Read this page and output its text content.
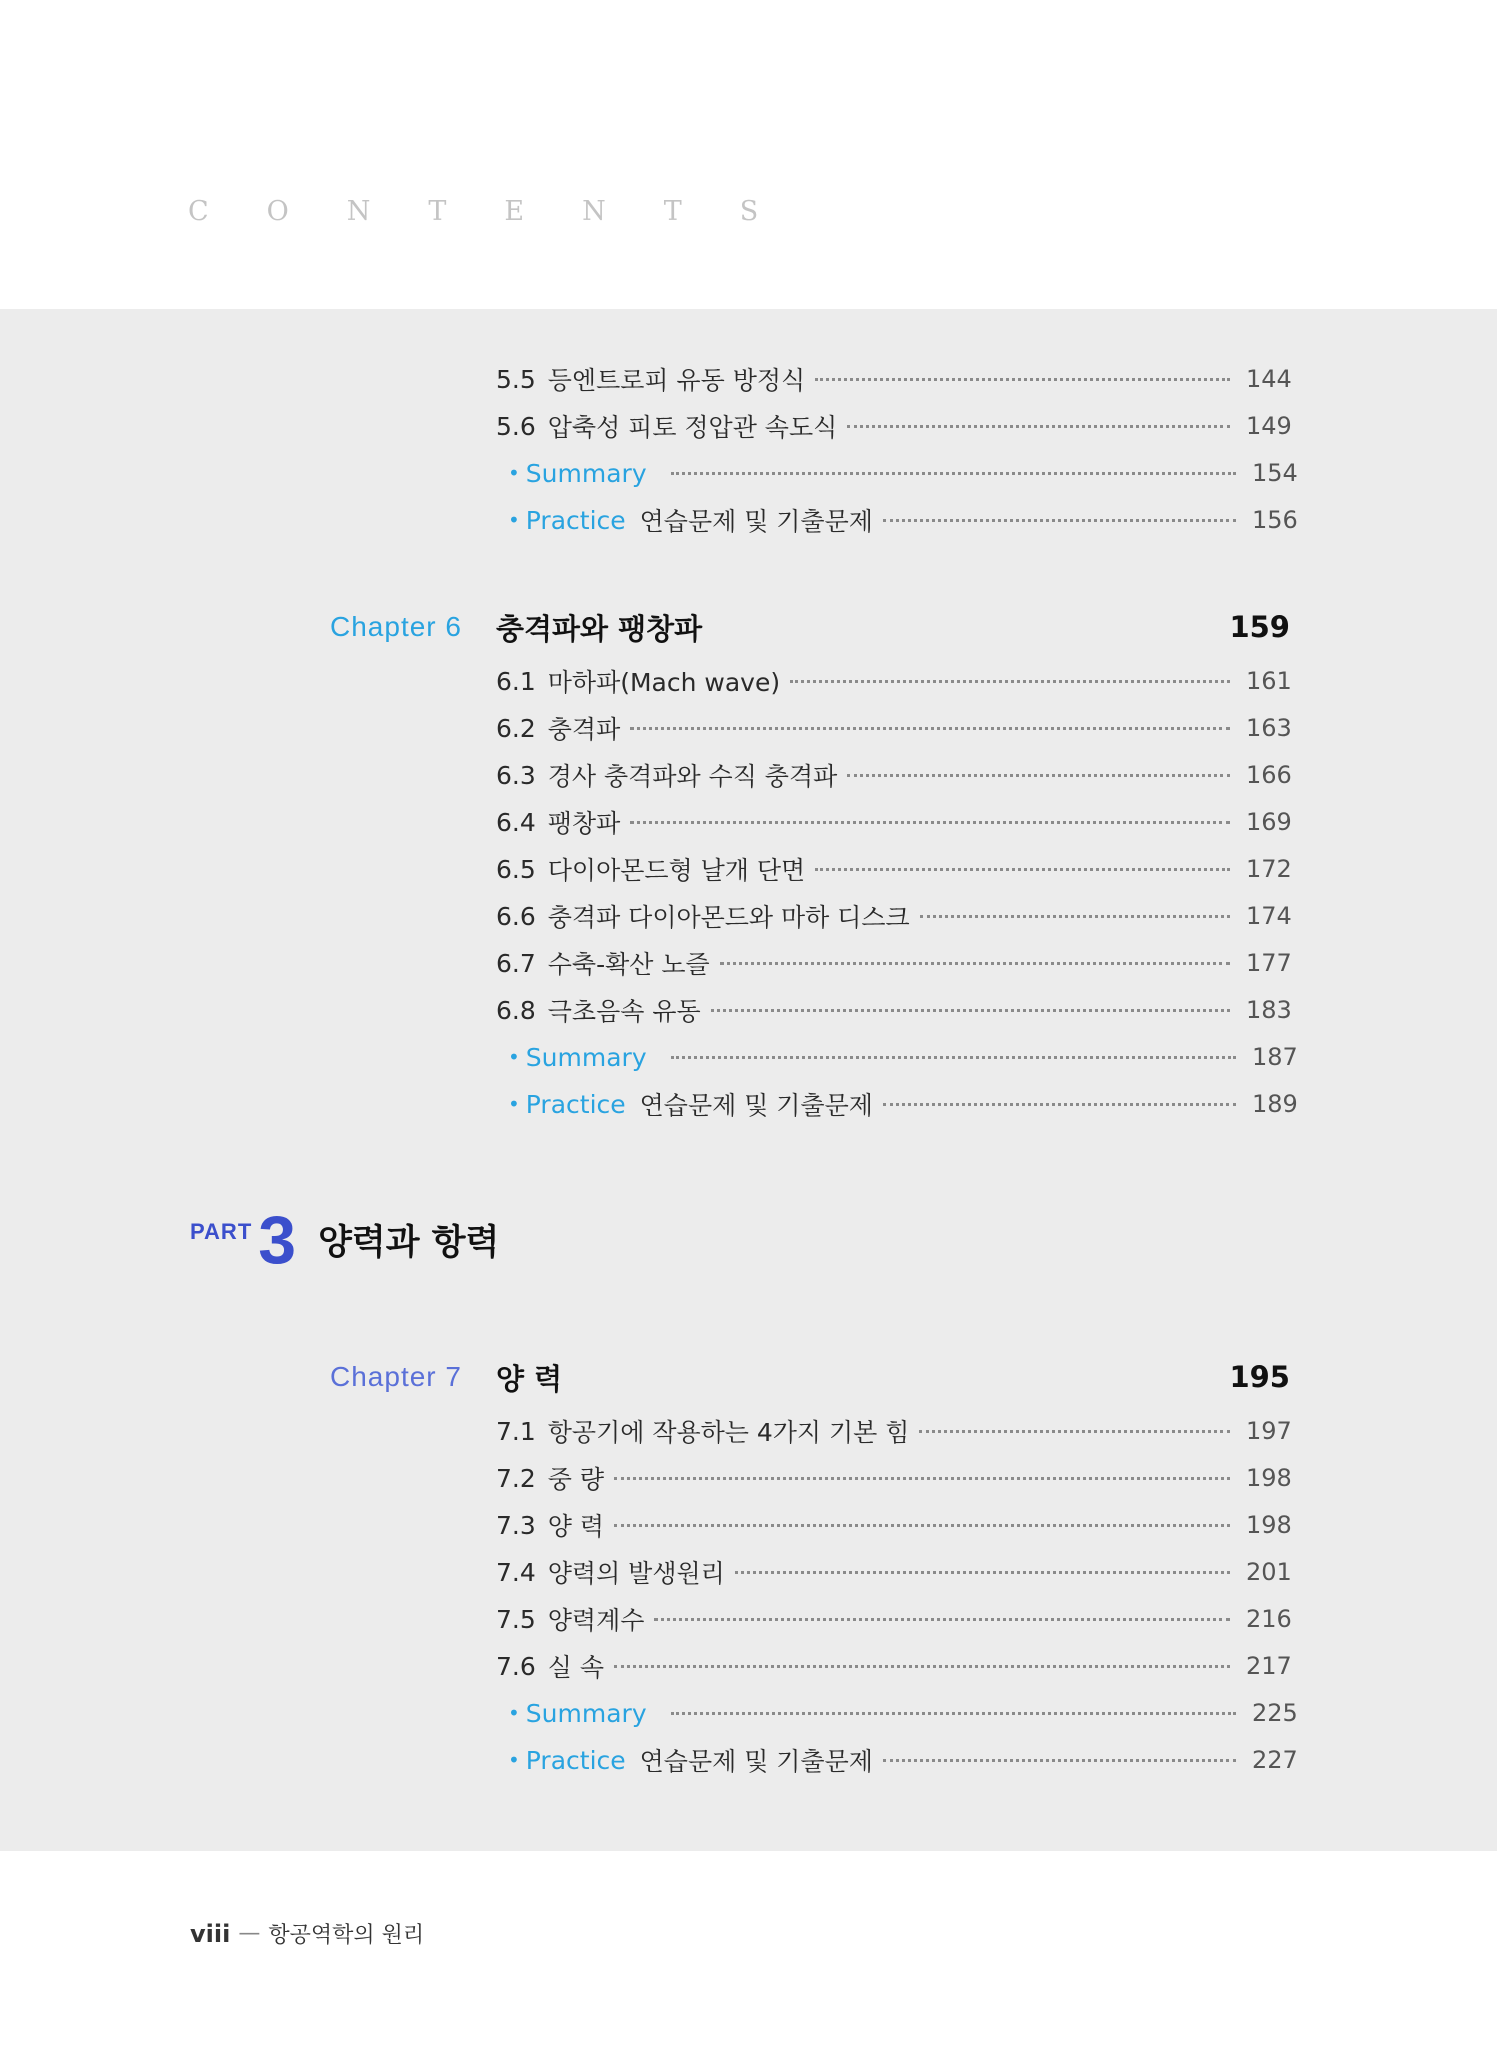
CONTENTS
5.5 등엔트로피 유동 방정식	144
5.6 압축성 피토 정압관 속도식	149
• Summary	154
• Practice 연습문제 및 기출문제	156
Chapter 6	충격파와 팽창파	159
6.1 마하파(Mach wave)	161
6.2 충격파	163
6.3 경사 충격파와 수직 충격파	166
6.4 팽창파	169
6.5 다이아몬드형 날개 단면	172
6.6 충격파 다이아몬드와 마하 디스크	174
6.7 수축-확산 노즐	177
6.8 극초음속 유동	183
• Summary	187
• Practice 연습문제 및 기출문제	189
PART 3 양력과 항력
Chapter 7	양 력	195
7.1 항공기에 작용하는 4가지 기본 힘	197
7.2 중 량	198
7.3 양 력	198
7.4 양력의 발생원리	201
7.5 양력계수	216
7.6 실 속	217
• Summary	225
• Practice 연습문제 및 기출문제	227
viii — 항공역학의 원리
